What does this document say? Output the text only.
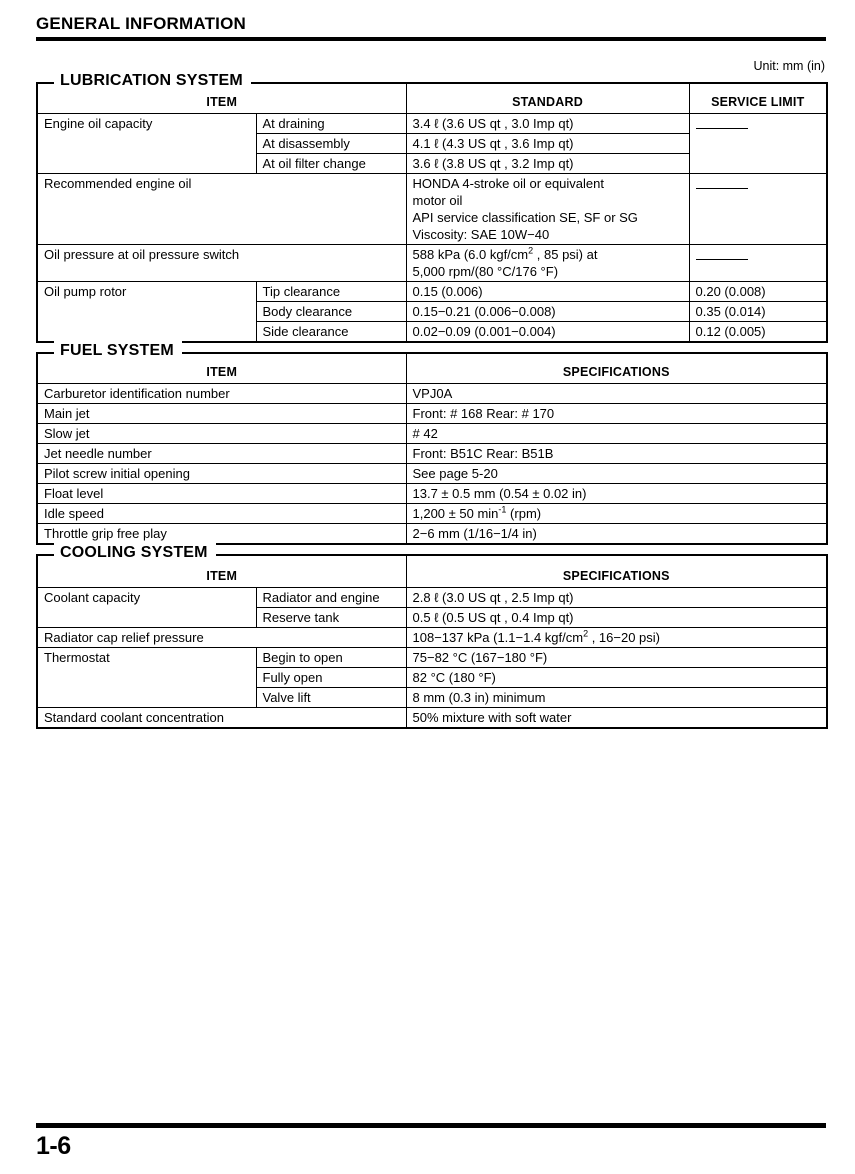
GENERAL INFORMATION
Unit: mm (in)
LUBRICATION SYSTEM
ITEM		STANDARD	SERVICE LIMIT
Engine oil capacity	At draining	3.4 ℓ (3.6 US qt , 3.0 Imp qt)	
	At disassembly	4.1 ℓ (4.3 US qt , 3.6 Imp qt)	
	At oil filter change	3.6 ℓ (3.8 US qt , 3.2 Imp qt)	
Recommended engine oil		HONDA 4-stroke oil or equivalent
motor oil
API service classification SE, SF or SG
Viscosity: SAE 10W−40	

Oil pressure at oil pressure switch		588 kPa (6.0 kgf/$cm^2$ , 85 psi) at
5,000 rpm/(80 °C/176 °F)	

Oil pump rotor	Tip clearance	0.15 (0.006)	0.20 (0.008)
	Body clearance	0.15−0.21 (0.006−0.008)	0.35 (0.014)
	Side clearance	0.02−0.09 (0.001−0.004)	0.12 (0.005)
FUEL SYSTEM
ITEM	SPECIFICATIONS
Carburetor identification number	VPJ0A
Main jet	Front: # 168 Rear: # 170
Slow jet	# 42
Jet needle number	Front: B51C Rear: B51B
Pilot screw initial opening	See page 5-20
Float level	13.7 ± 0.5 mm (0.54 ± 0.02 in)
Idle speed	1,200 ± 50 $\min^{-1} (rpm)$
Throttle grip free play	2−6 mm (1/16−1/4 in)
COOLING SYSTEM
ITEM		SPECIFICATIONS
Coolant capacity	Radiator and engine	2.8 ℓ (3.0 US qt , 2.5 Imp qt)
	Reserve tank	0.5 ℓ (0.5 US qt , 0.4 Imp qt)
Radiator cap relief pressure		108−137 kPa (1.1−1.4 kgf/$cm^2$ , 16−20 psi)
Thermostat	Begin to open	75−82 °C (167−180 °F)
	Fully open	82 °C (180 °F)
	Valve lift	8 mm (0.3 in) minimum
Standard coolant concentration		50% mixture with soft water
1-6
